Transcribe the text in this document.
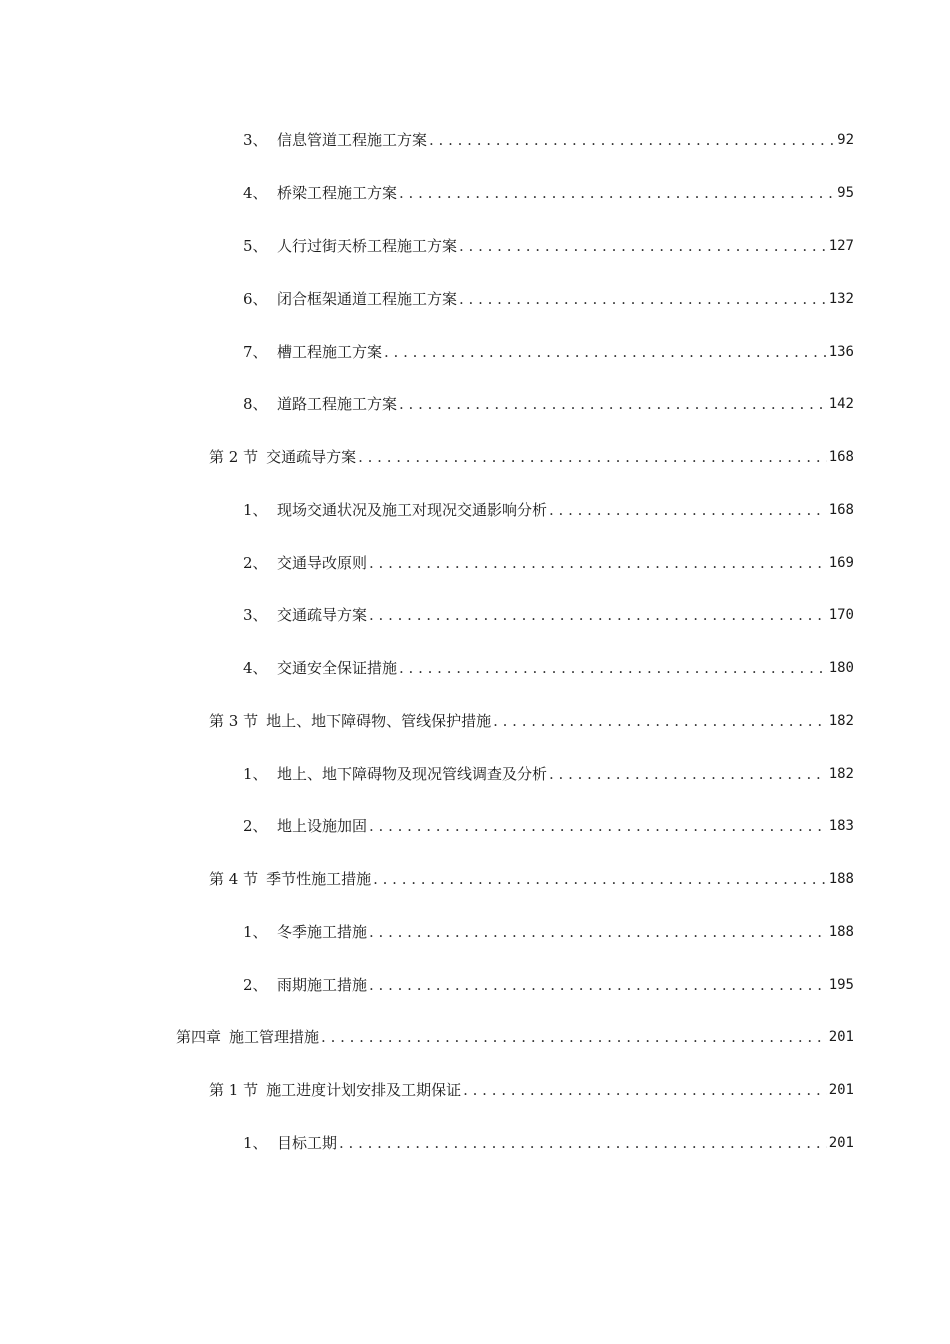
3、 信息管道工程施工方案 . . .	92
4、 桥梁工程施工方案 . . .	95
5、 人行过街天桥工程施工方案 . . .	127
6、 闭合框架通道工程施工方案 . . .	132
7、 槽工程施工方案 . . .	136
8、 道路工程施工方案 . . .	142
第 2 节 交通疏导方案 . . .	168
1、 现场交通状况及施工对现况交通影响分析 . . .	168
2、 交通导改原则 . . .	169
3、 交通疏导方案 . . .	170
4、 交通安全保证措施 . . .	180
第 3 节 地上、地下障碍物、管线保护措施 . . .	182
1、 地上、地下障碍物及现况管线调查及分析 . . .	182
2、 地上设施加固 . . .	183
第 4 节 季节性施工措施 . . .	188
1、 冬季施工措施 . . .	188
2、 雨期施工措施 . . .	195
第四章 施工管理措施 . . .	201
第 1 节 施工进度计划安排及工期保证 . . .	201
1、 目标工期 . . .	201
